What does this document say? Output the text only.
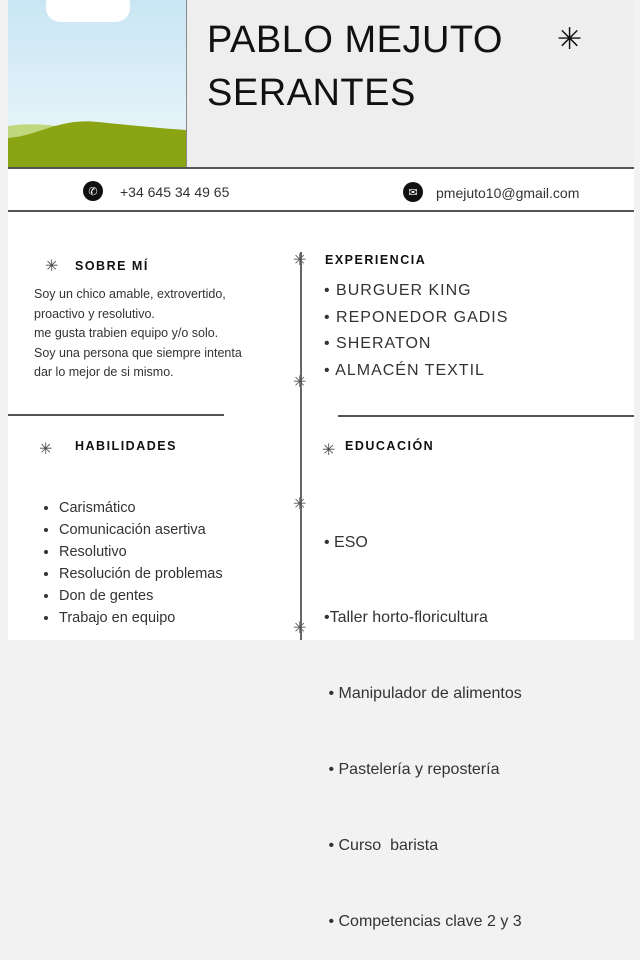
PABLO MEJUTO
SERANTES
✳
✆	+34 645 34 49 65	✉	pmejuto10@gmail.com
✳
✳
✳
✳
✳ SOBRE MÍ
Soy un chico amable, extrovertido,
proactivo y resolutivo.
me gusta trabien equipo y/o solo.
Soy una persona que siempre intenta
dar lo mejor de si mismo.
EXPERIENCIA
• BURGUER KING
• REPONEDOR GADIS
• SHERATON
• ALMACÉN TEXTIL
✳ HABILIDADES
• Carismático
• Comunicación asertiva
• Resolutivo
• Resolución de problemas
• Don de gentes
• Trabajo en equipo
✳ EDUCACIÓN

• ESO

•Taller horto-floricultura

• Manipulador de alimentos

• Pastelería y repostería

• Curso  barista

• Competencias clave 2 y 3
